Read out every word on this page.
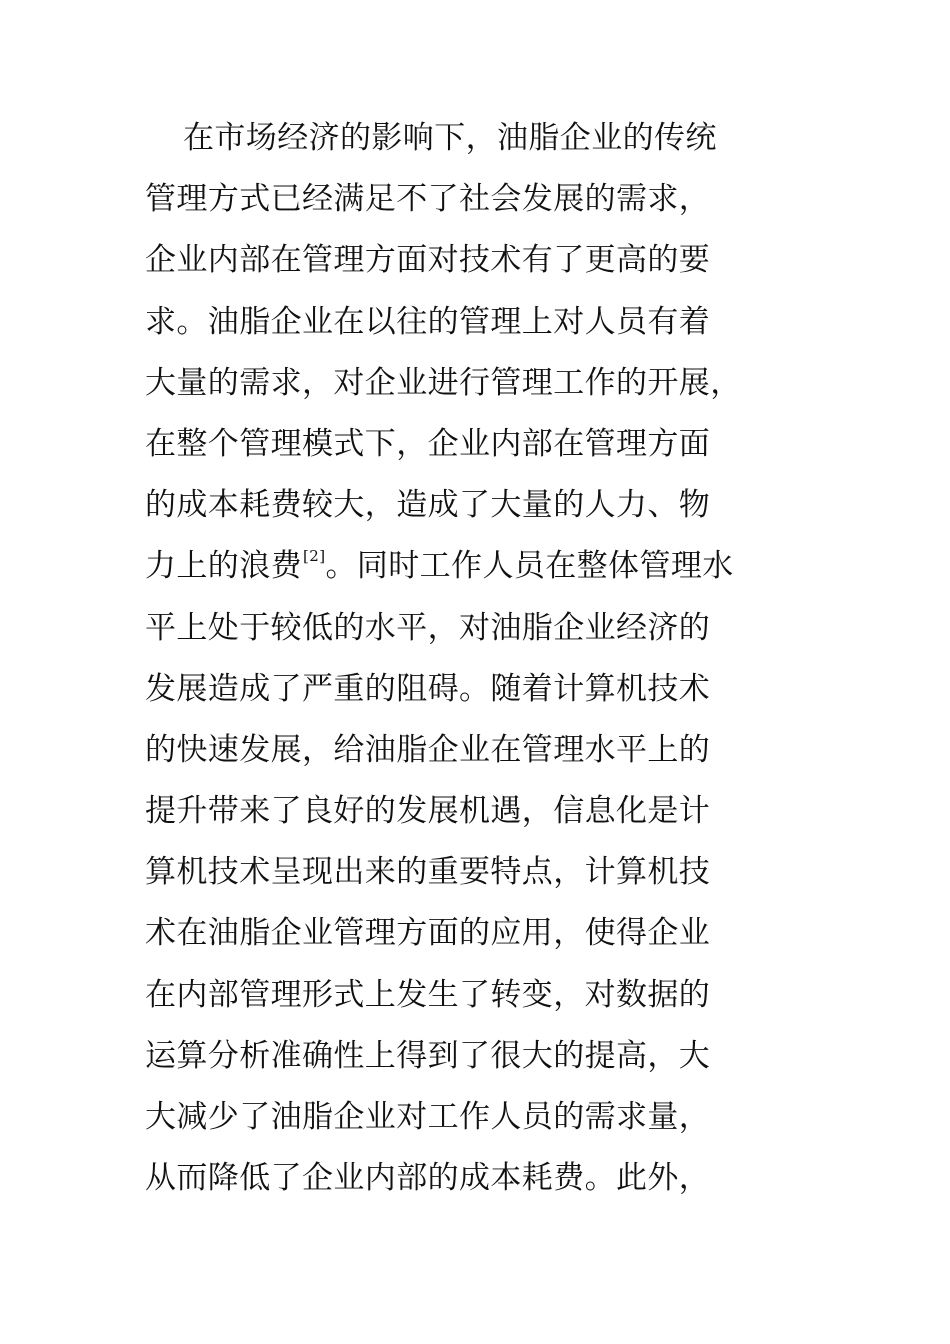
在市场经济的影响下，油脂企业的传统
管理方式已经满足不了社会发展的需求，
企业内部在管理方面对技术有了更高的要
求。油脂企业在以往的管理上对人员有着
大量的需求，对企业进行管理工作的开展，
在整个管理模式下，企业内部在管理方面
的成本耗费较大，造成了大量的人力、物
力上的浪费[2]。同时工作人员在整体管理水
平上处于较低的水平，对油脂企业经济的
发展造成了严重的阻碍。随着计算机技术
的快速发展，给油脂企业在管理水平上的
提升带来了良好的发展机遇，信息化是计
算机技术呈现出来的重要特点，计算机技
术在油脂企业管理方面的应用，使得企业
在内部管理形式上发生了转变，对数据的
运算分析准确性上得到了很大的提高，大
大减少了油脂企业对工作人员的需求量，
从而降低了企业内部的成本耗费。此外，
